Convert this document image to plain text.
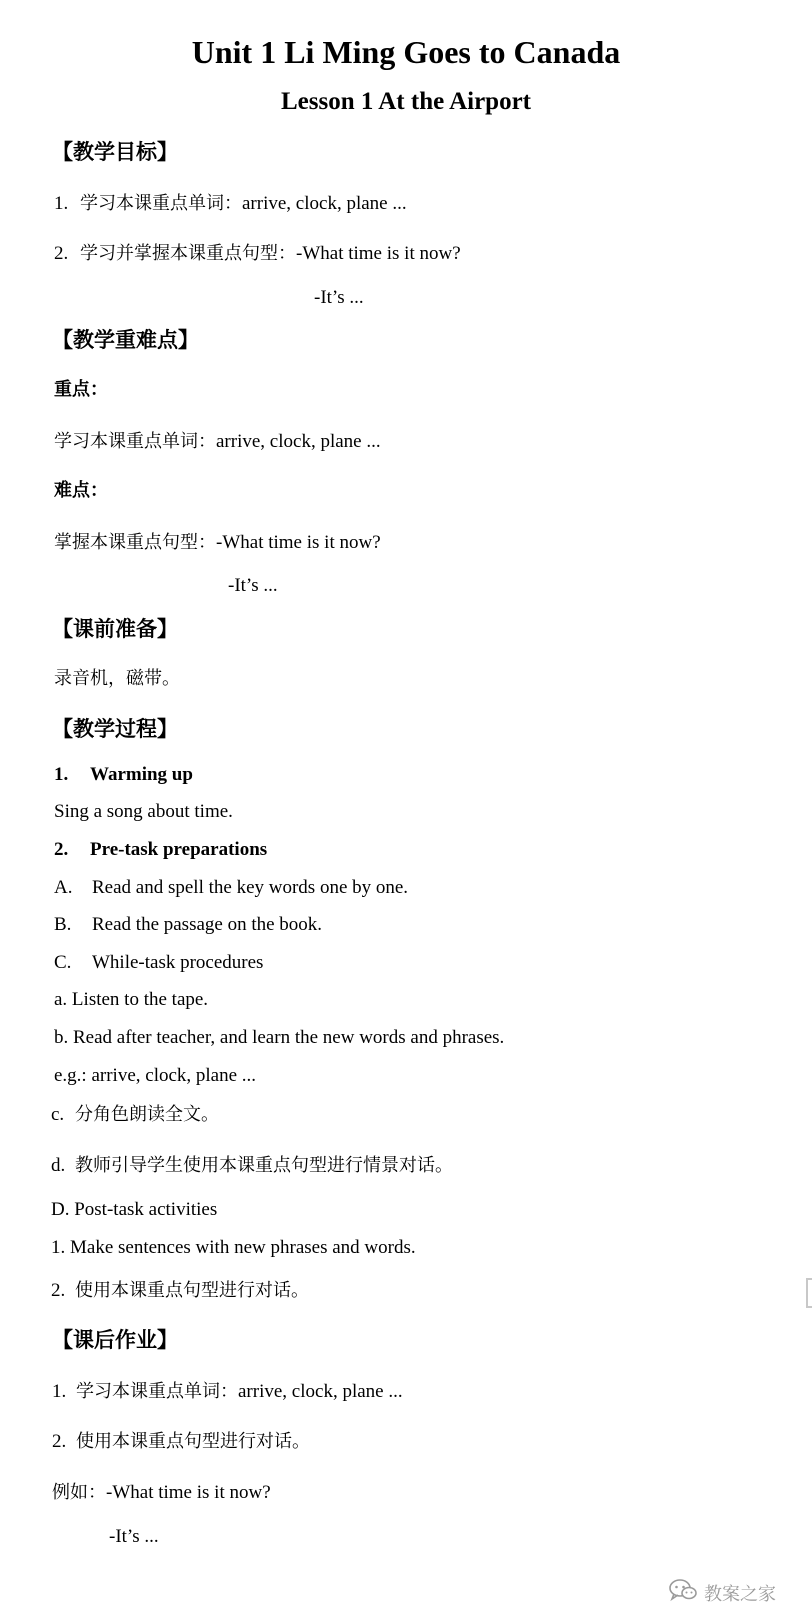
Unit 1 Li Ming Goes to Canada
Lesson 1 At the Airport
【教学目标】
1. 学习本课重点单词：arrive, clock, plane ...
2. 学习并掌握本课重点句型：-What time is it now?
-It’s ...
【教学重难点】
重点：
学习本课重点单词：arrive, clock, plane ...
难点：
掌握本课重点句型：-What time is it now?
-It’s ...
【课前准备】
录音机，磁带。
【教学过程】
1. Warming up
Sing a song about time.
2. Pre-task preparations
A. Read and spell the key words one by one.
B. Read the passage on the book.
C. While-task procedures
a. Listen to the tape.
b. Read after teacher, and learn the new words and phrases.
e.g.: arrive, clock, plane ...
c. 分角色朗读全文。
d. 教师引导学生使用本课重点句型进行情景对话。
D. Post-task activities
1. Make sentences with new phrases and words.
2. 使用本课重点句型进行对话。
【课后作业】
1. 学习本课重点单词：arrive, clock, plane ...
2. 使用本课重点句型进行对话。
例如：-What time is it now?
-It’s ...
教案之家
